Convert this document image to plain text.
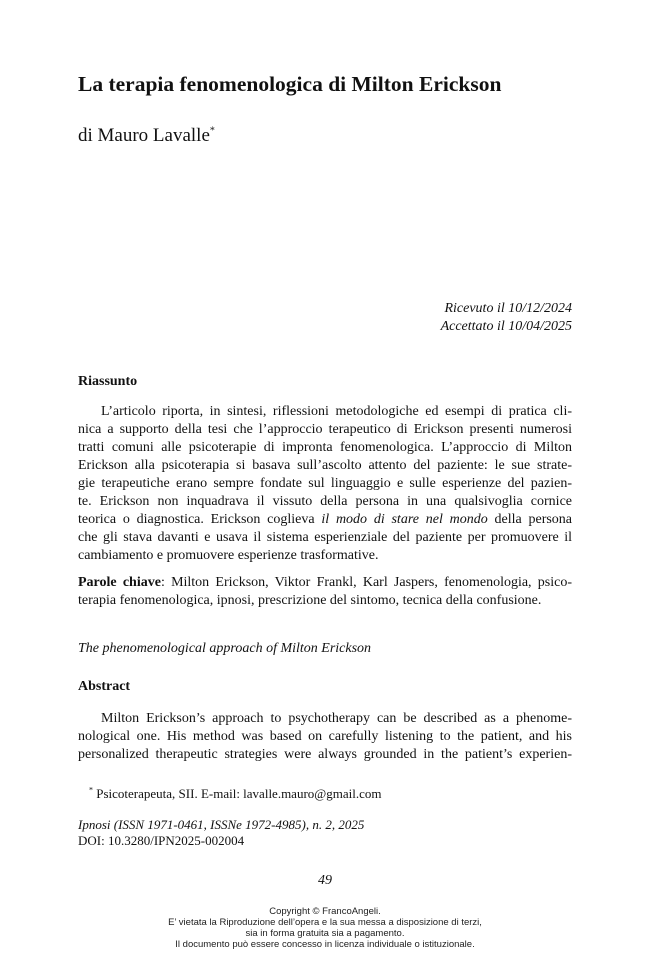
La terapia fenomenologica di Milton Erickson
di Mauro Lavalle*
Ricevuto il 10/12/2024
Accettato il 10/04/2025
Riassunto
L’articolo riporta, in sintesi, riflessioni metodologiche ed esempi di pratica cli-
nica a supporto della tesi che l’approccio terapeutico di Erickson presenti numerosi
tratti comuni alle psicoterapie di impronta fenomenologica. L’approccio di Milton
Erickson alla psicoterapia si basava sull’ascolto attento del paziente: le sue strate-
gie terapeutiche erano sempre fondate sul linguaggio e sulle esperienze del pazien-
te. Erickson non inquadrava il vissuto della persona in una qualsivoglia cornice
teorica o diagnostica. Erickson coglieva il modo di stare nel mondo della persona
che gli stava davanti e usava il sistema esperienziale del paziente per promuovere il
cambiamento e promuovere esperienze trasformative.
Parole chiave: Milton Erickson, Viktor Frankl, Karl Jaspers, fenomenologia, psico-
terapia fenomenologica, ipnosi, prescrizione del sintomo, tecnica della confusione.
The phenomenological approach of Milton Erickson
Abstract
Milton Erickson’s approach to psychotherapy can be described as a phenome-
nological one. His method was based on carefully listening to the patient, and his
personalized therapeutic strategies were always grounded in the patient’s experien-
* Psicoterapeuta, SII. E-mail: lavalle.mauro@gmail.com
Ipnosi (ISSN 1971-0461, ISSNe 1972-4985), n. 2, 2025
DOI: 10.3280/IPN2025-002004
49
Copyright © FrancoAngeli.
E’ vietata la Riproduzione dell’opera e la sua messa a disposizione di terzi,
sia in forma gratuita sia a pagamento.
Il documento può essere concesso in licenza individuale o istituzionale.
